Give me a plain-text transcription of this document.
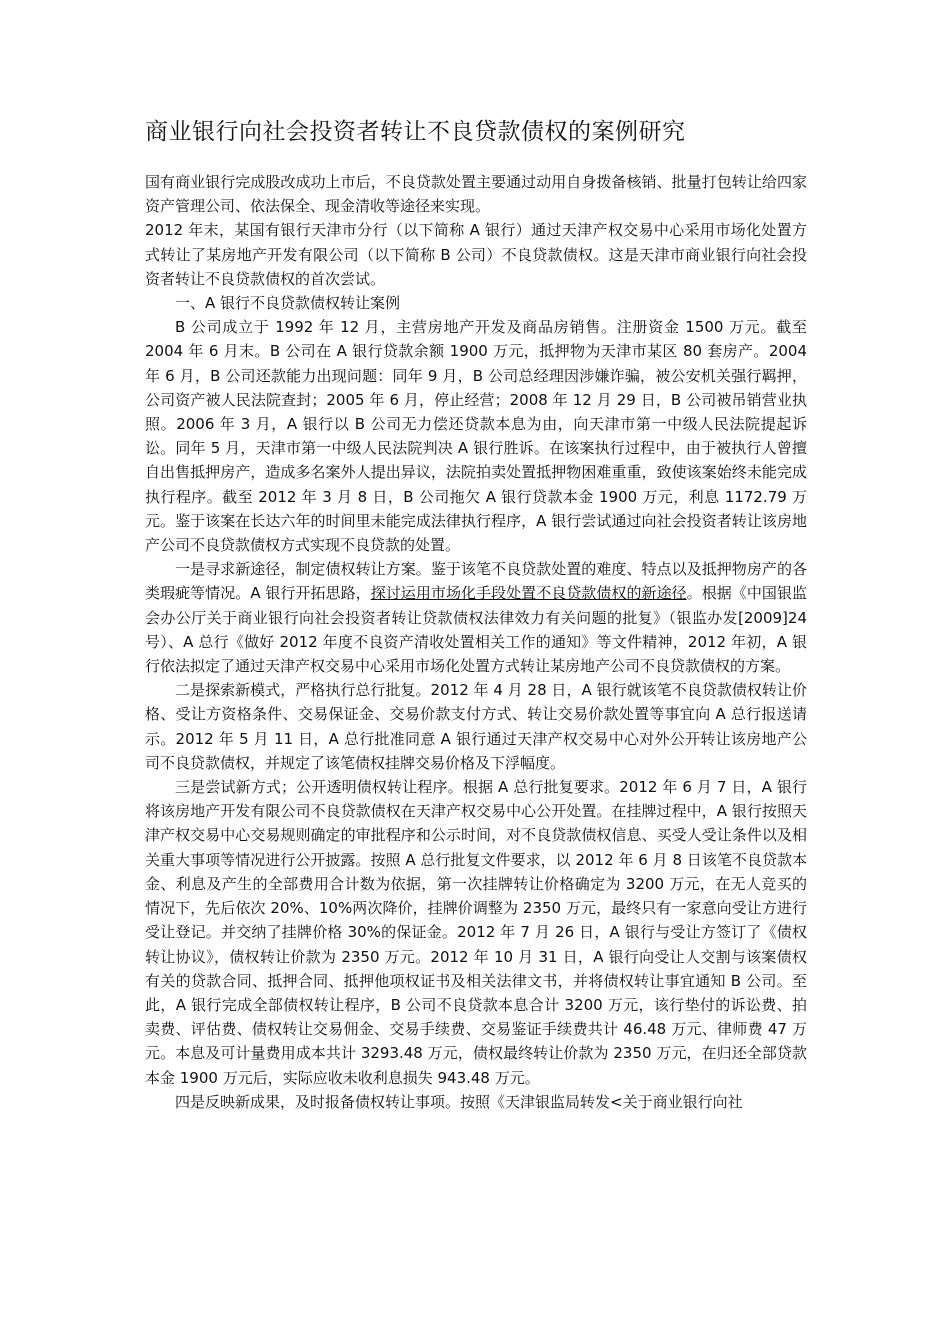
商业银行向社会投资者转让不良贷款债权的案例研究

国有商业银行完成股改成功上市后，不良贷款处置主要通过动用自身拨备核销、批量打包转让给四家资产管理公司、依法保全、现金清收等途径来实现。

2012 年末，某国有银行天津市分行（以下简称 A 银行）通过天津产权交易中心采用市场化处置方式转让了某房地产开发有限公司（以下简称 B 公司）不良贷款债权。这是天津市商业银行向社会投资者转让不良贷款债权的首次尝试。

一、A 银行不良贷款债权转让案例

B 公司成立于 1992 年 12 月，主营房地产开发及商品房销售。注册资金 1500 万元。截至 2004 年 6 月末。B 公司在 A 银行贷款余额 1900 万元，抵押物为天津市某区 80 套房产。2004 年 6 月，B 公司还款能力出现问题：同年 9 月，B 公司总经理因涉嫌诈骗，被公安机关强行羁押，公司资产被人民法院查封；2005 年 6 月，停止经营；2008 年 12 月 29 日，B 公司被吊销营业执照。2006 年 3 月，A 银行以 B 公司无力偿还贷款本息为由，向天津市第一中级人民法院提起诉讼。同年 5 月，天津市第一中级人民法院判决 A 银行胜诉。在该案执行过程中，由于被执行人曾擅自出售抵押房产，造成多名案外人提出异议，法院拍卖处置抵押物困难重重，致使该案始终未能完成执行程序。截至 2012 年 3 月 8 日，B 公司拖欠 A 银行贷款本金 1900 万元，利息 1172.79 万元。鉴于该案在长达六年的时间里未能完成法律执行程序，A 银行尝试通过向社会投资者转让该房地产公司不良贷款债权方式实现不良贷款的处置。

一是寻求新途径，制定债权转让方案。鉴于该笔不良贷款处置的难度、特点以及抵押物房产的各类瑕疵等情况。A 银行开拓思路，探讨运用市场化手段处置不良贷款债权的新途径。根据《中国银监会办公厅关于商业银行向社会投资者转让贷款债权法律效力有关问题的批复》（银监办发[2009]24 号）、A 总行《做好 2012 年度不良资产清收处置相关工作的通知》等文件精神，2012 年初，A 银行依法拟定了通过天津产权交易中心采用市场化处置方式转让某房地产公司不良贷款债权的方案。

二是探索新模式，严格执行总行批复。2012 年 4 月 28 日，A 银行就该笔不良贷款债权转让价格、受让方资格条件、交易保证金、交易价款支付方式、转让交易价款处置等事宜向 A 总行报送请示。2012 年 5 月 11 日，A 总行批准同意 A 银行通过天津产权交易中心对外公开转让该房地产公司不良贷款债权，并规定了该笔债权挂牌交易价格及下浮幅度。

三是尝试新方式；公开透明债权转让程序。根据 A 总行批复要求。2012 年 6 月 7 日，A 银行将该房地产开发有限公司不良贷款债权在天津产权交易中心公开处置。在挂牌过程中，A 银行按照天津产权交易中心交易规则确定的审批程序和公示时间，对不良贷款债权信息、买受人受让条件以及相关重大事项等情况进行公开披露。按照 A 总行批复文件要求，以 2012 年 6 月 8 日该笔不良贷款本金、利息及产生的全部费用合计数为依据，第一次挂牌转让价格确定为 3200 万元，在无人竞买的情况下，先后依次 20%、10%两次降价，挂牌价调整为 2350 万元，最终只有一家意向受让方进行受让登记。并交纳了挂牌价格 30%的保证金。2012 年 7 月 26 日，A 银行与受让方签订了《债权转让协议》，债权转让价款为 2350 万元。2012 年 10 月 31 日，A 银行向受让人交割与该案债权有关的贷款合同、抵押合同、抵押他项权证书及相关法律文书，并将债权转让事宜通知 B 公司。至此，A 银行完成全部债权转让程序，B 公司不良贷款本息合计 3200 万元，该行垫付的诉讼费、拍卖费、评估费、债权转让交易佣金、交易手续费、交易鉴证手续费共计 46.48 万元、律师费 47 万元。本息及可计量费用成本共计 3293.48 万元，债权最终转让价款为 2350 万元，在归还全部贷款本金 1900 万元后，实际应收未收利息损失 943.48 万元。

四是反映新成果，及时报备债权转让事项。按照《天津银监局转发<关于商业银行向社
